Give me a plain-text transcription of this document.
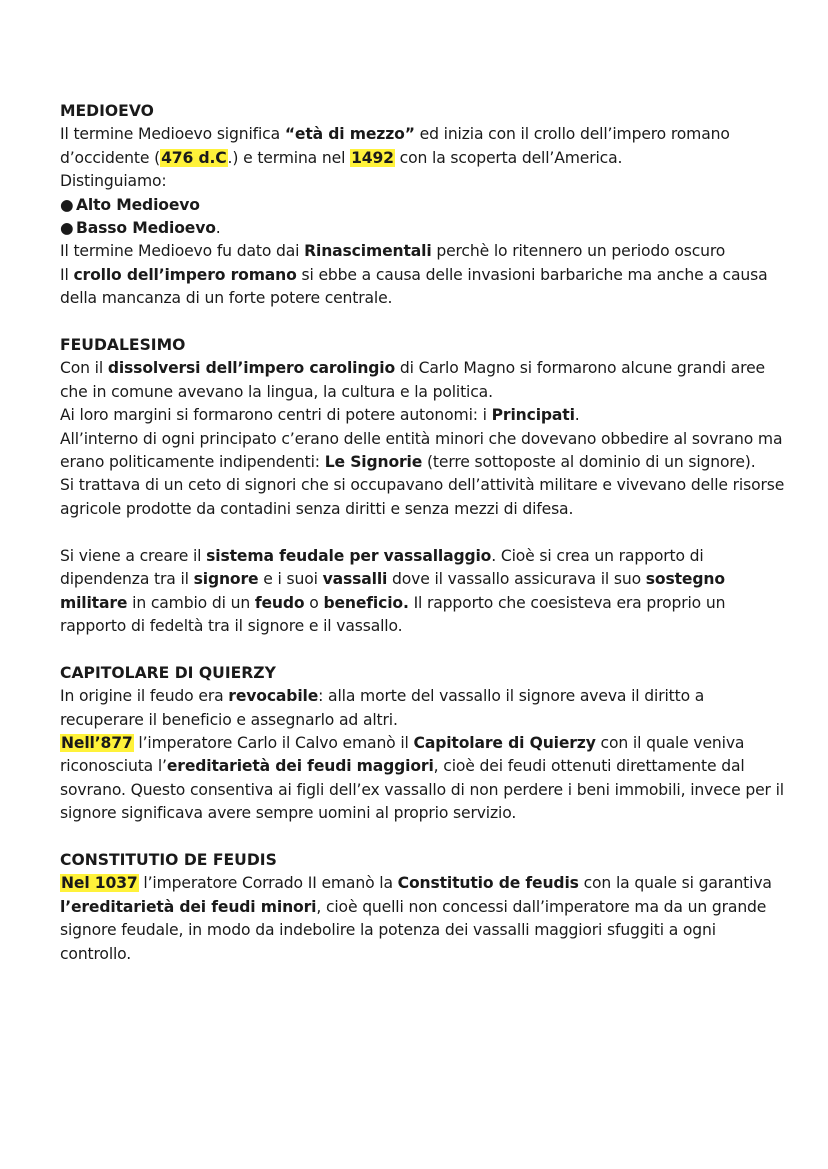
MEDIOEVO

Il termine Medioevo significa “età di mezzo” ed inizia con il crollo dell’impero romano d’occidente (476 d.C.) e termina nel 1492 con la scoperta dell’America.

Distinguiamo:

● Alto Medioevo
● Basso Medioevo.

Il termine Medioevo fu dato dai Rinascimentali perchè lo ritennero un periodo oscuro

Il crollo dell’impero romano si ebbe a causa delle invasioni barbariche ma anche a causa della mancanza di un forte potere centrale.

FEUDALESIMO

Con il dissolversi dell’impero carolingio di Carlo Magno si formarono alcune grandi aree che in comune avevano la lingua, la cultura e la politica.

Ai loro margini si formarono centri di potere autonomi: i Principati.

All’interno di ogni principato c’erano delle entità minori che dovevano obbedire al sovrano ma erano politicamente indipendenti: Le Signorie (terre sottoposte al dominio di un signore).

Si trattava di un ceto di signori che si occupavano dell’attività militare e vivevano delle risorse agricole prodotte da contadini senza diritti e senza mezzi di difesa.

Si viene a creare il sistema feudale per vassallaggio. Cioè si crea un rapporto di dipendenza tra il signore e i suoi vassalli dove il vassallo assicurava il suo sostegno militare in cambio di un feudo o beneficio. Il rapporto che coesisteva era proprio un rapporto di fedeltà tra il signore e il vassallo.

CAPITOLARE DI QUIERZY

In origine il feudo era revocabile: alla morte del vassallo il signore aveva il diritto a recuperare il beneficio e assegnarlo ad altri.

Nell’877 l’imperatore Carlo il Calvo emanò il Capitolare di Quierzy con il quale veniva riconosciuta l’ereditarietà dei feudi maggiori, cioè dei feudi ottenuti direttamente dal sovrano. Questo consentiva ai figli dell’ex vassallo di non perdere i beni immobili, invece per il signore significava avere sempre uomini al proprio servizio.

CONSTITUTIO DE FEUDIS

Nel 1037 l’imperatore Corrado II emanò la Constitutio de feudis con la quale si garantiva l’ereditarietà dei feudi minori, cioè quelli non concessi dall’imperatore ma da un grande signore feudale, in modo da indebolire la potenza dei vassalli maggiori sfuggiti a ogni controllo.
